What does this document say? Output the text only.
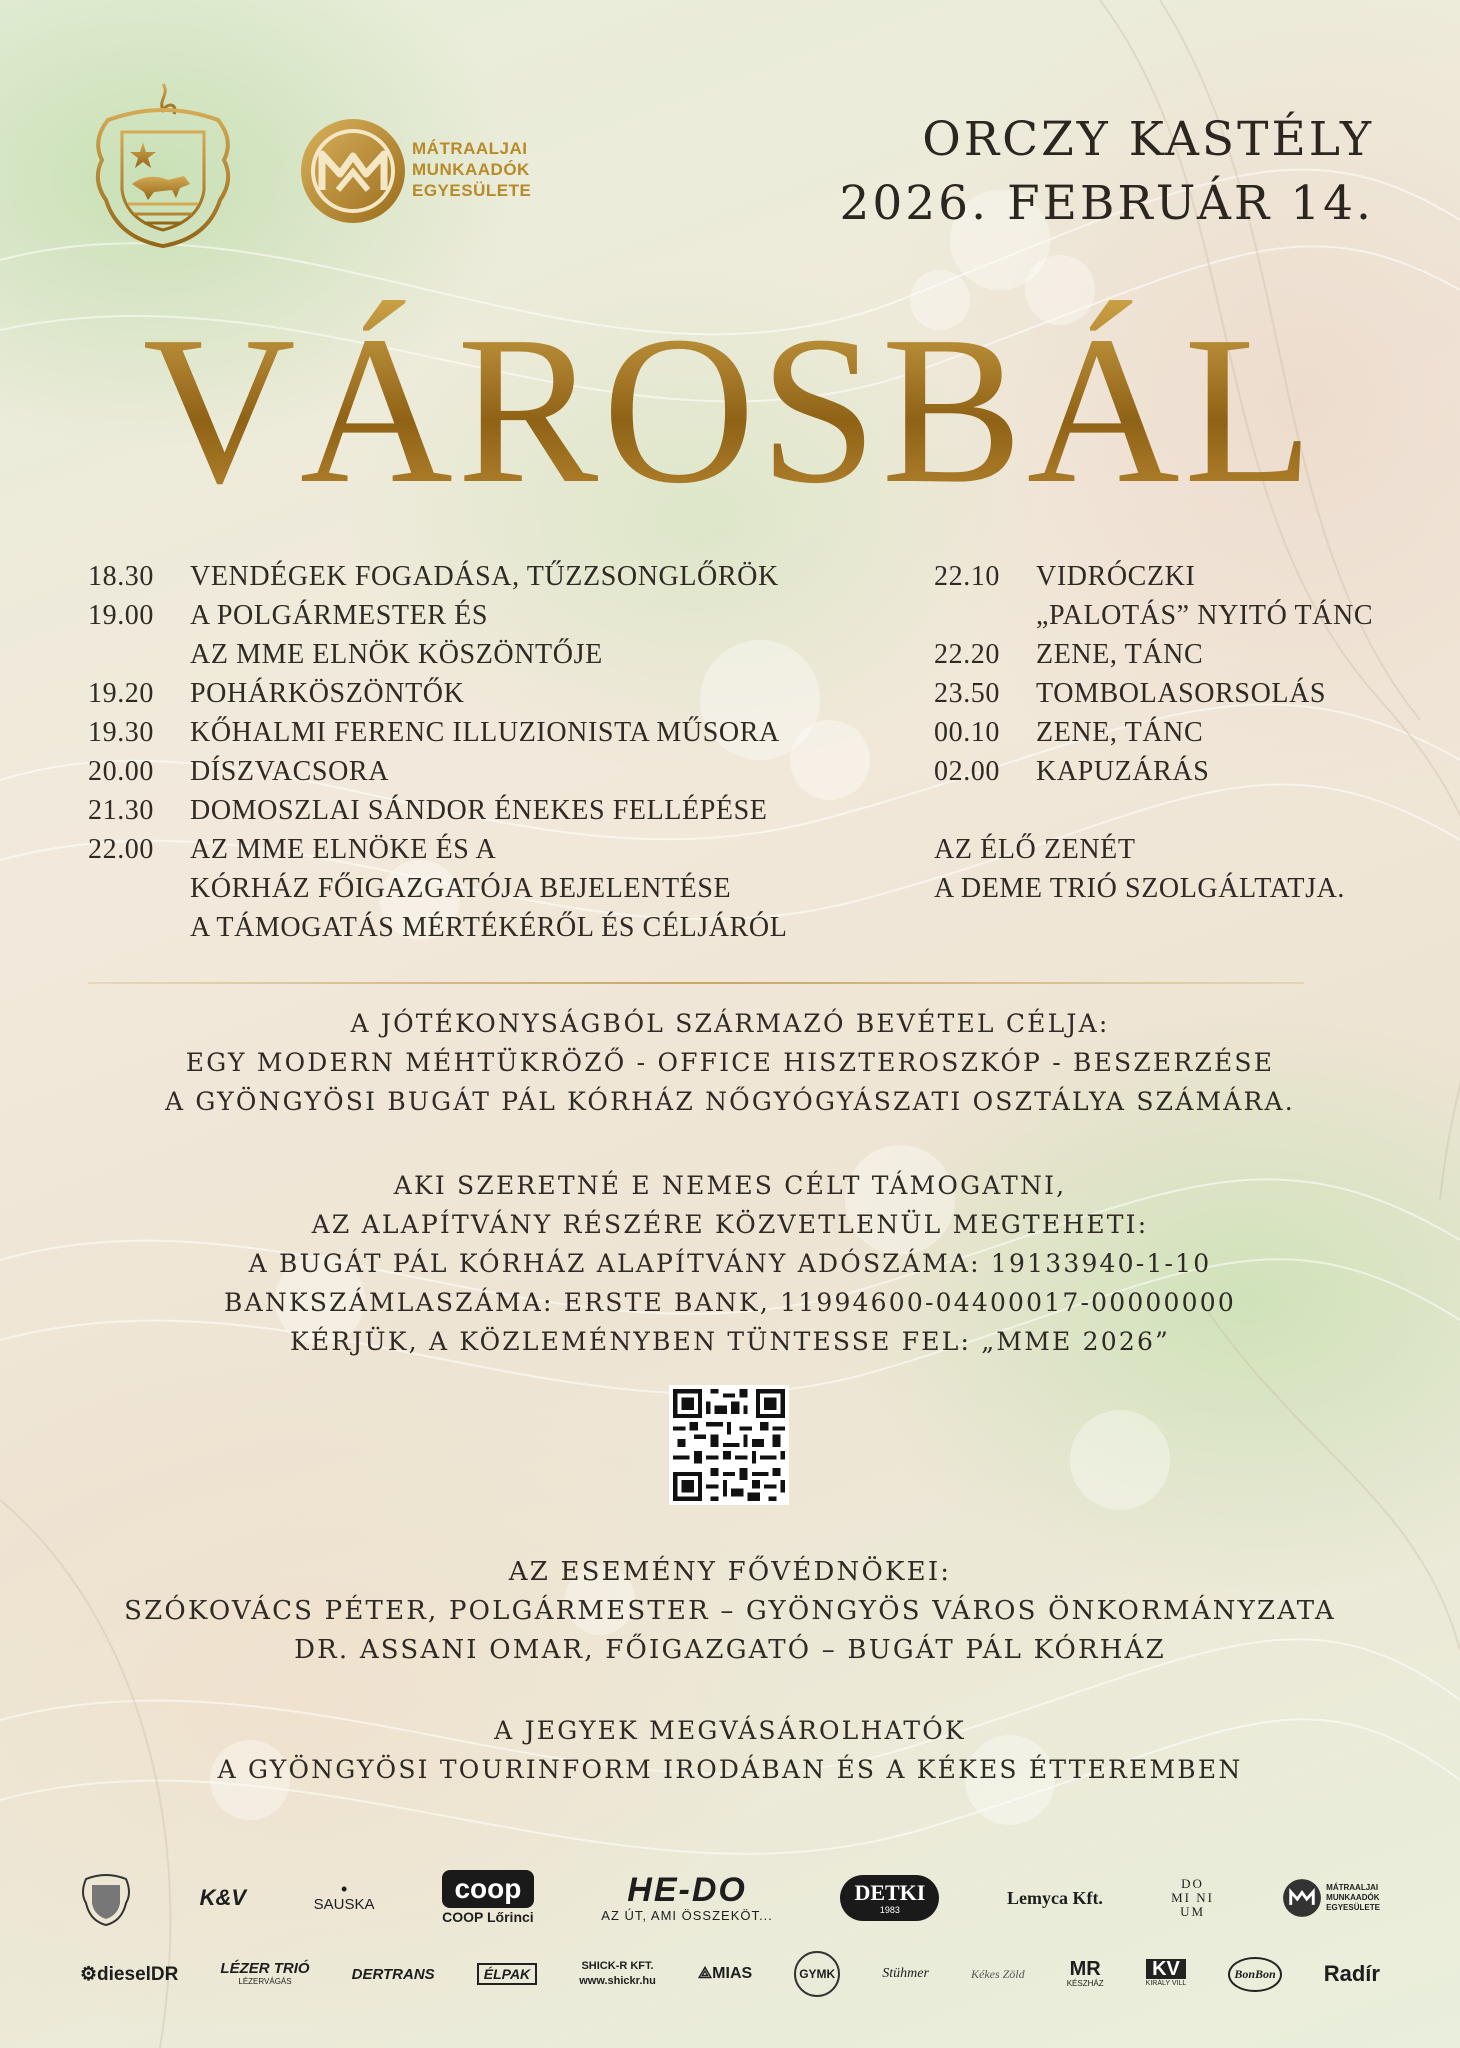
MÁTRAALJAI
MUNKAADÓK
EGYESÜLETE
ORCZY KASTÉLY
2026. FEBRUÁR 14.
VÁROSBÁL
18.30	VENDÉGEK FOGADÁSA, TŰZZSONGLŐRÖK
19.00	A POLGÁRMESTER ÉS
AZ MME ELNÖK KÖSZÖNTŐJE
19.20	POHÁRKÖSZÖNTŐK
19.30	KŐHALMI FERENC ILLUZIONISTA MŰSORA
20.00	DÍSZVACSORA
21.30	DOMOSZLAI SÁNDOR ÉNEKES FELLÉPÉSE
22.00	AZ MME ELNÖKE ÉS A
KÓRHÁZ FŐIGAZGATÓJA BEJELENTÉSE
A TÁMOGATÁS MÉRTÉKÉRŐL ÉS CÉLJÁRÓL
22.10	VIDRÓCZKI
„PALOTÁS” NYITÓ TÁNC
22.20	ZENE, TÁNC
23.50	TOMBOLASORSOLÁS
00.10	ZENE, TÁNC
02.00	KAPUZÁRÁS
AZ ÉLŐ ZENÉT
A DEME TRIÓ SZOLGÁLTATJA.
A JÓTÉKONYSÁGBÓL SZÁRMAZÓ BEVÉTEL CÉLJA:
EGY MODERN MÉHTÜKRÖZŐ - OFFICE HISZTEROSZKÓP - BESZERZÉSE
A GYÖNGYÖSI BUGÁT PÁL KÓRHÁZ NŐGYÓGYÁSZATI OSZTÁLYA SZÁMÁRA.
AKI SZERETNÉ E NEMES CÉLT TÁMOGATNI,
AZ ALAPÍTVÁNY RÉSZÉRE KÖZVETLENÜL MEGTEHETI:
A BUGÁT PÁL KÓRHÁZ ALAPÍTVÁNY ADÓSZÁMA: 19133940-1-10
BANKSZÁMLASZÁMA: ERSTE BANK, 11994600-04400017-00000000
KÉRJÜK, A KÖZLEMÉNYBEN TÜNTESSE FEL: „MME 2026”
AZ ESEMÉNY FŐVÉDNÖKEI:
SZÓKOVÁCS PÉTER, POLGÁRMESTER – GYÖNGYÖS VÁROS ÖNKORMÁNYZATA
DR. ASSANI OMAR, FŐIGAZGATÓ – BUGÁT PÁL KÓRHÁZ
A JEGYEK MEGVÁSÁROLHATÓK
A GYÖNGYÖSI TOURINFORM IRODÁBAN ÉS A KÉKES ÉTTEREMBEN
K&V	•
SAUSKA
coop
COOP Lőrinci
HE-DO
AZ ÚT, AMI ÖSSZEKÖT...
DETKI
1983
Lemyca Kft.
DO MI NI UM
MÁTRAALJAI
MUNKAADÓK
EGYESÜLETE
⚙dieselDR	LÉZER TRIÓ
LÉZERVÁGÁS	DERTRANS	ÉLPAK	SHICK-R KFT.
www.shickr.hu	⟁MIAS	GYMK	Stühmer	Kékes Zöld MR
KÉSZHÁZ
KV
KIRÁLY VILL
BonBon Radír
